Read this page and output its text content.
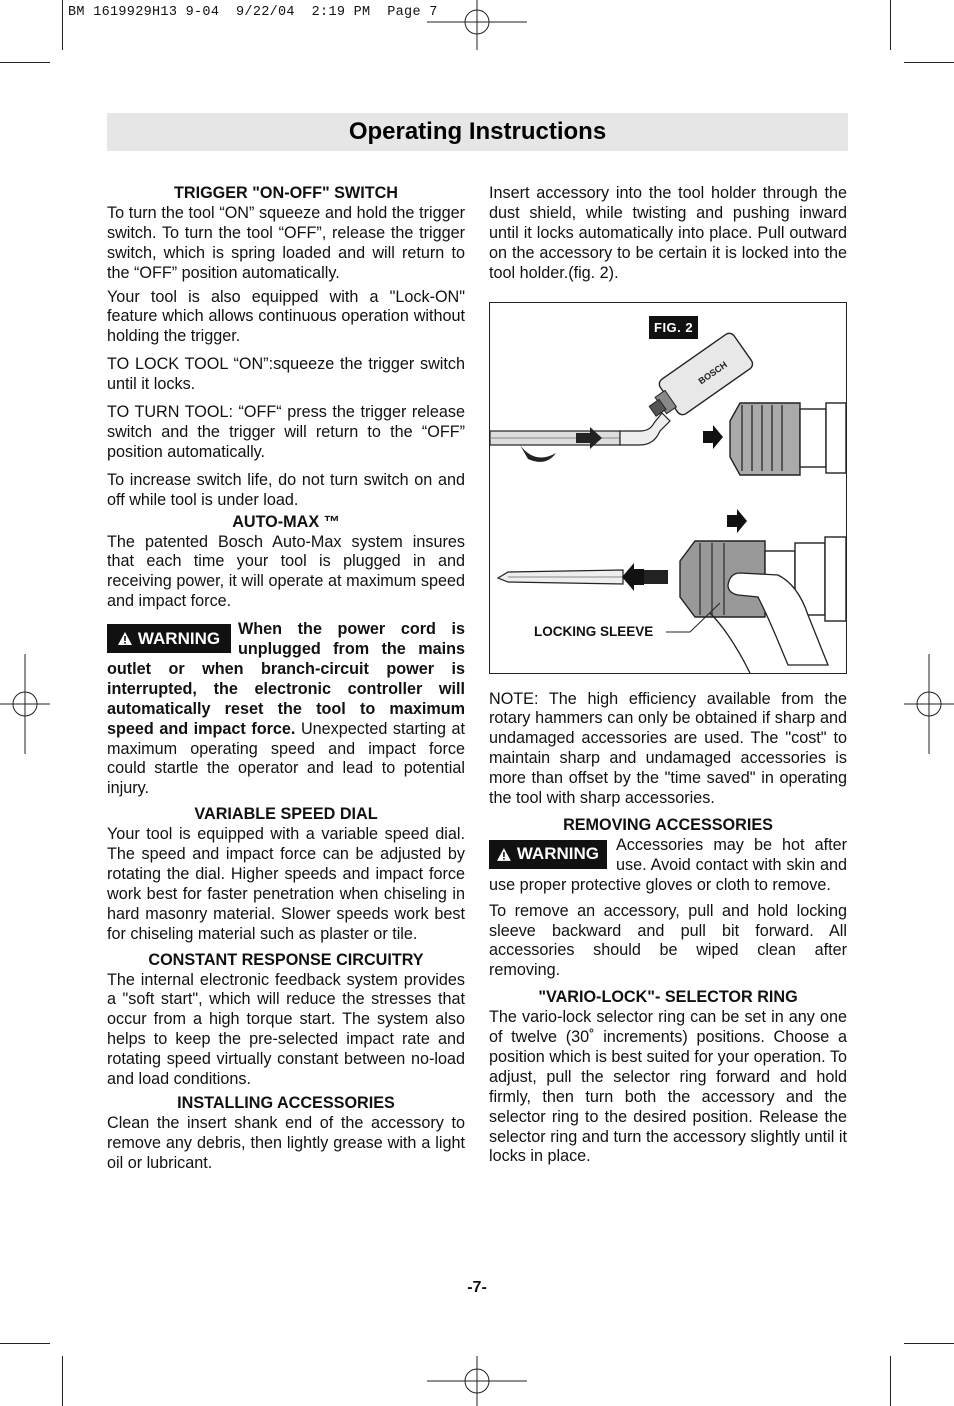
BM 1619929H13 9-04  9/22/04  2:19 PM  Page 7
Operating Instructions
TRIGGER "ON-OFF" SWITCH

To turn the tool “ON” squeeze and hold the trigger switch. To turn the tool “OFF”, release the trigger switch, which is spring loaded and will return to the “OFF” position automatically.

Your tool is also equipped with a "Lock-ON" feature which allows continuous operation without holding the trigger.

TO LOCK TOOL “ON”:squeeze the trigger switch until it locks.

TO TURN TOOL: “OFF“ press the trigger release switch and the trigger will return to the “OFF” position automatically.

To increase switch life, do not turn switch on and off while tool is under load.

AUTO-MAX ™

The patented Bosch Auto-Max system insures that each time your tool is plugged in and receiving power, it will operate at maximum speed and impact force.

WARNING When the power cord is unplugged from the mains outlet or when branch-circuit power is interrupted, the electronic controller will automatically reset the tool to maximum speed and impact force. Unexpected starting at maximum operating speed and impact force could startle the operator and lead to potential injury.

VARIABLE SPEED DIAL

Your tool is equipped with a variable speed dial. The speed and impact force can be adjusted by rotating the dial. Higher speeds and impact force work best for faster penetration when chiseling in hard masonry material. Slower speeds work best for chiseling material such as plaster or tile.

CONSTANT RESPONSE CIRCUITRY

The internal electronic feedback system provides a "soft start", which will reduce the stresses that occur from a high torque start. The system also helps to keep the pre-selected impact rate and rotating speed virtually constant between no-load and load conditions.

INSTALLING ACCESSORIES

Clean the insert shank end of the accessory to remove any debris, then lightly grease with a light oil or lubricant.

Insert accessory into the tool holder through the dust shield, while twisting and pushing inward until it locks automatically into place. Pull outward on the accessory to be certain it is locked into the tool holder.(fig. 2).

FIG. 2
BOSCH
LOCKING SLEEVE

NOTE: The high efficiency available from the rotary hammers can only be obtained if sharp and undamaged accessories are used. The "cost" to maintain sharp and undamaged accessories is more than offset by the "time saved" in operating the tool with sharp accessories.

REMOVING ACCESSORIES

WARNING Accessories may be hot after use. Avoid contact with skin and use proper protective gloves or cloth to remove.

To remove an accessory, pull and hold locking sleeve backward and pull bit forward. All accessories should be wiped clean after removing.

"VARIO-LOCK"- SELECTOR RING

The vario-lock selector ring can be set in any one of twelve (30˚ increments) positions. Choose a position which is best suited for your operation. To adjust, pull the selector ring forward and hold firmly, then turn both the accessory and the selector ring to the desired position. Release the selector ring and turn the accessory slightly until it locks in place.

-7-
